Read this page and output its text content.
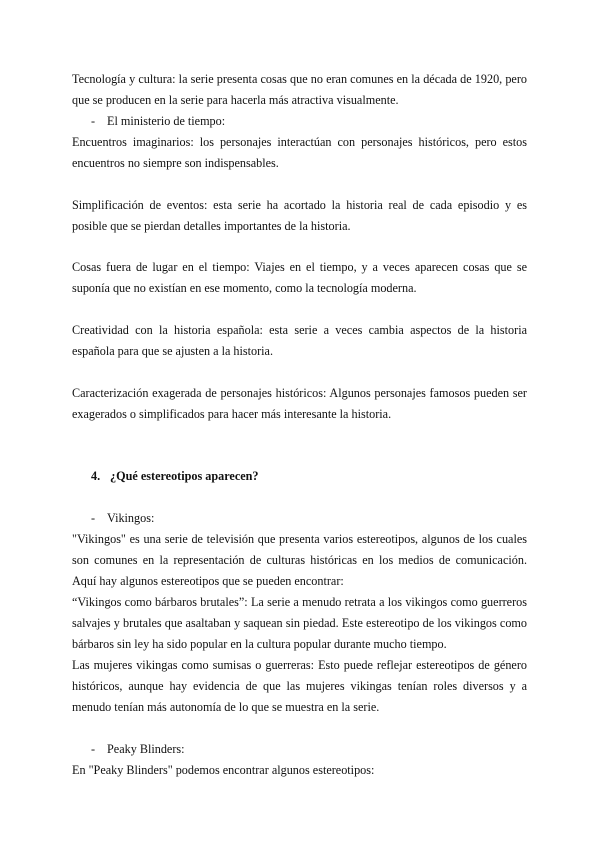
Tecnología y cultura: la serie presenta cosas que no eran comunes en la década de 1920, pero que se producen en la serie para hacerla más atractiva visualmente.

- El ministerio de tiempo:

Encuentros imaginarios: los personajes interactúan con personajes históricos, pero estos encuentros no siempre son indispensables.

Simplificación de eventos: esta serie ha acortado la historia real de cada episodio y es posible que se pierdan detalles importantes de la historia.

Cosas fuera de lugar en el tiempo: Viajes en el tiempo, y a veces aparecen cosas que se suponía que no existían en ese momento, como la tecnología moderna.

Creatividad con la historia española: esta serie a veces cambia aspectos de la historia española para que se ajusten a la historia.

Caracterización exagerada de personajes históricos: Algunos personajes famosos pueden ser exagerados o simplificados para hacer más interesante la historia.

4. ¿Qué estereotipos aparecen?
- Vikingos:

"Vikingos" es una serie de televisión que presenta varios estereotipos, algunos de los cuales son comunes en la representación de culturas históricas en los medios de comunicación. Aquí hay algunos estereotipos que se pueden encontrar:

“Vikingos como bárbaros brutales”: La serie a menudo retrata a los vikingos como guerreros salvajes y brutales que asaltaban y saquean sin piedad. Este estereotipo de los vikingos como bárbaros sin ley ha sido popular en la cultura popular durante mucho tiempo.

Las mujeres vikingas como sumisas o guerreras: Esto puede reflejar estereotipos de género históricos, aunque hay evidencia de que las mujeres vikingas tenían roles diversos y a menudo tenían más autonomía de lo que se muestra en la serie.

- Peaky Blinders:

En "Peaky Blinders" podemos encontrar algunos estereotipos:
